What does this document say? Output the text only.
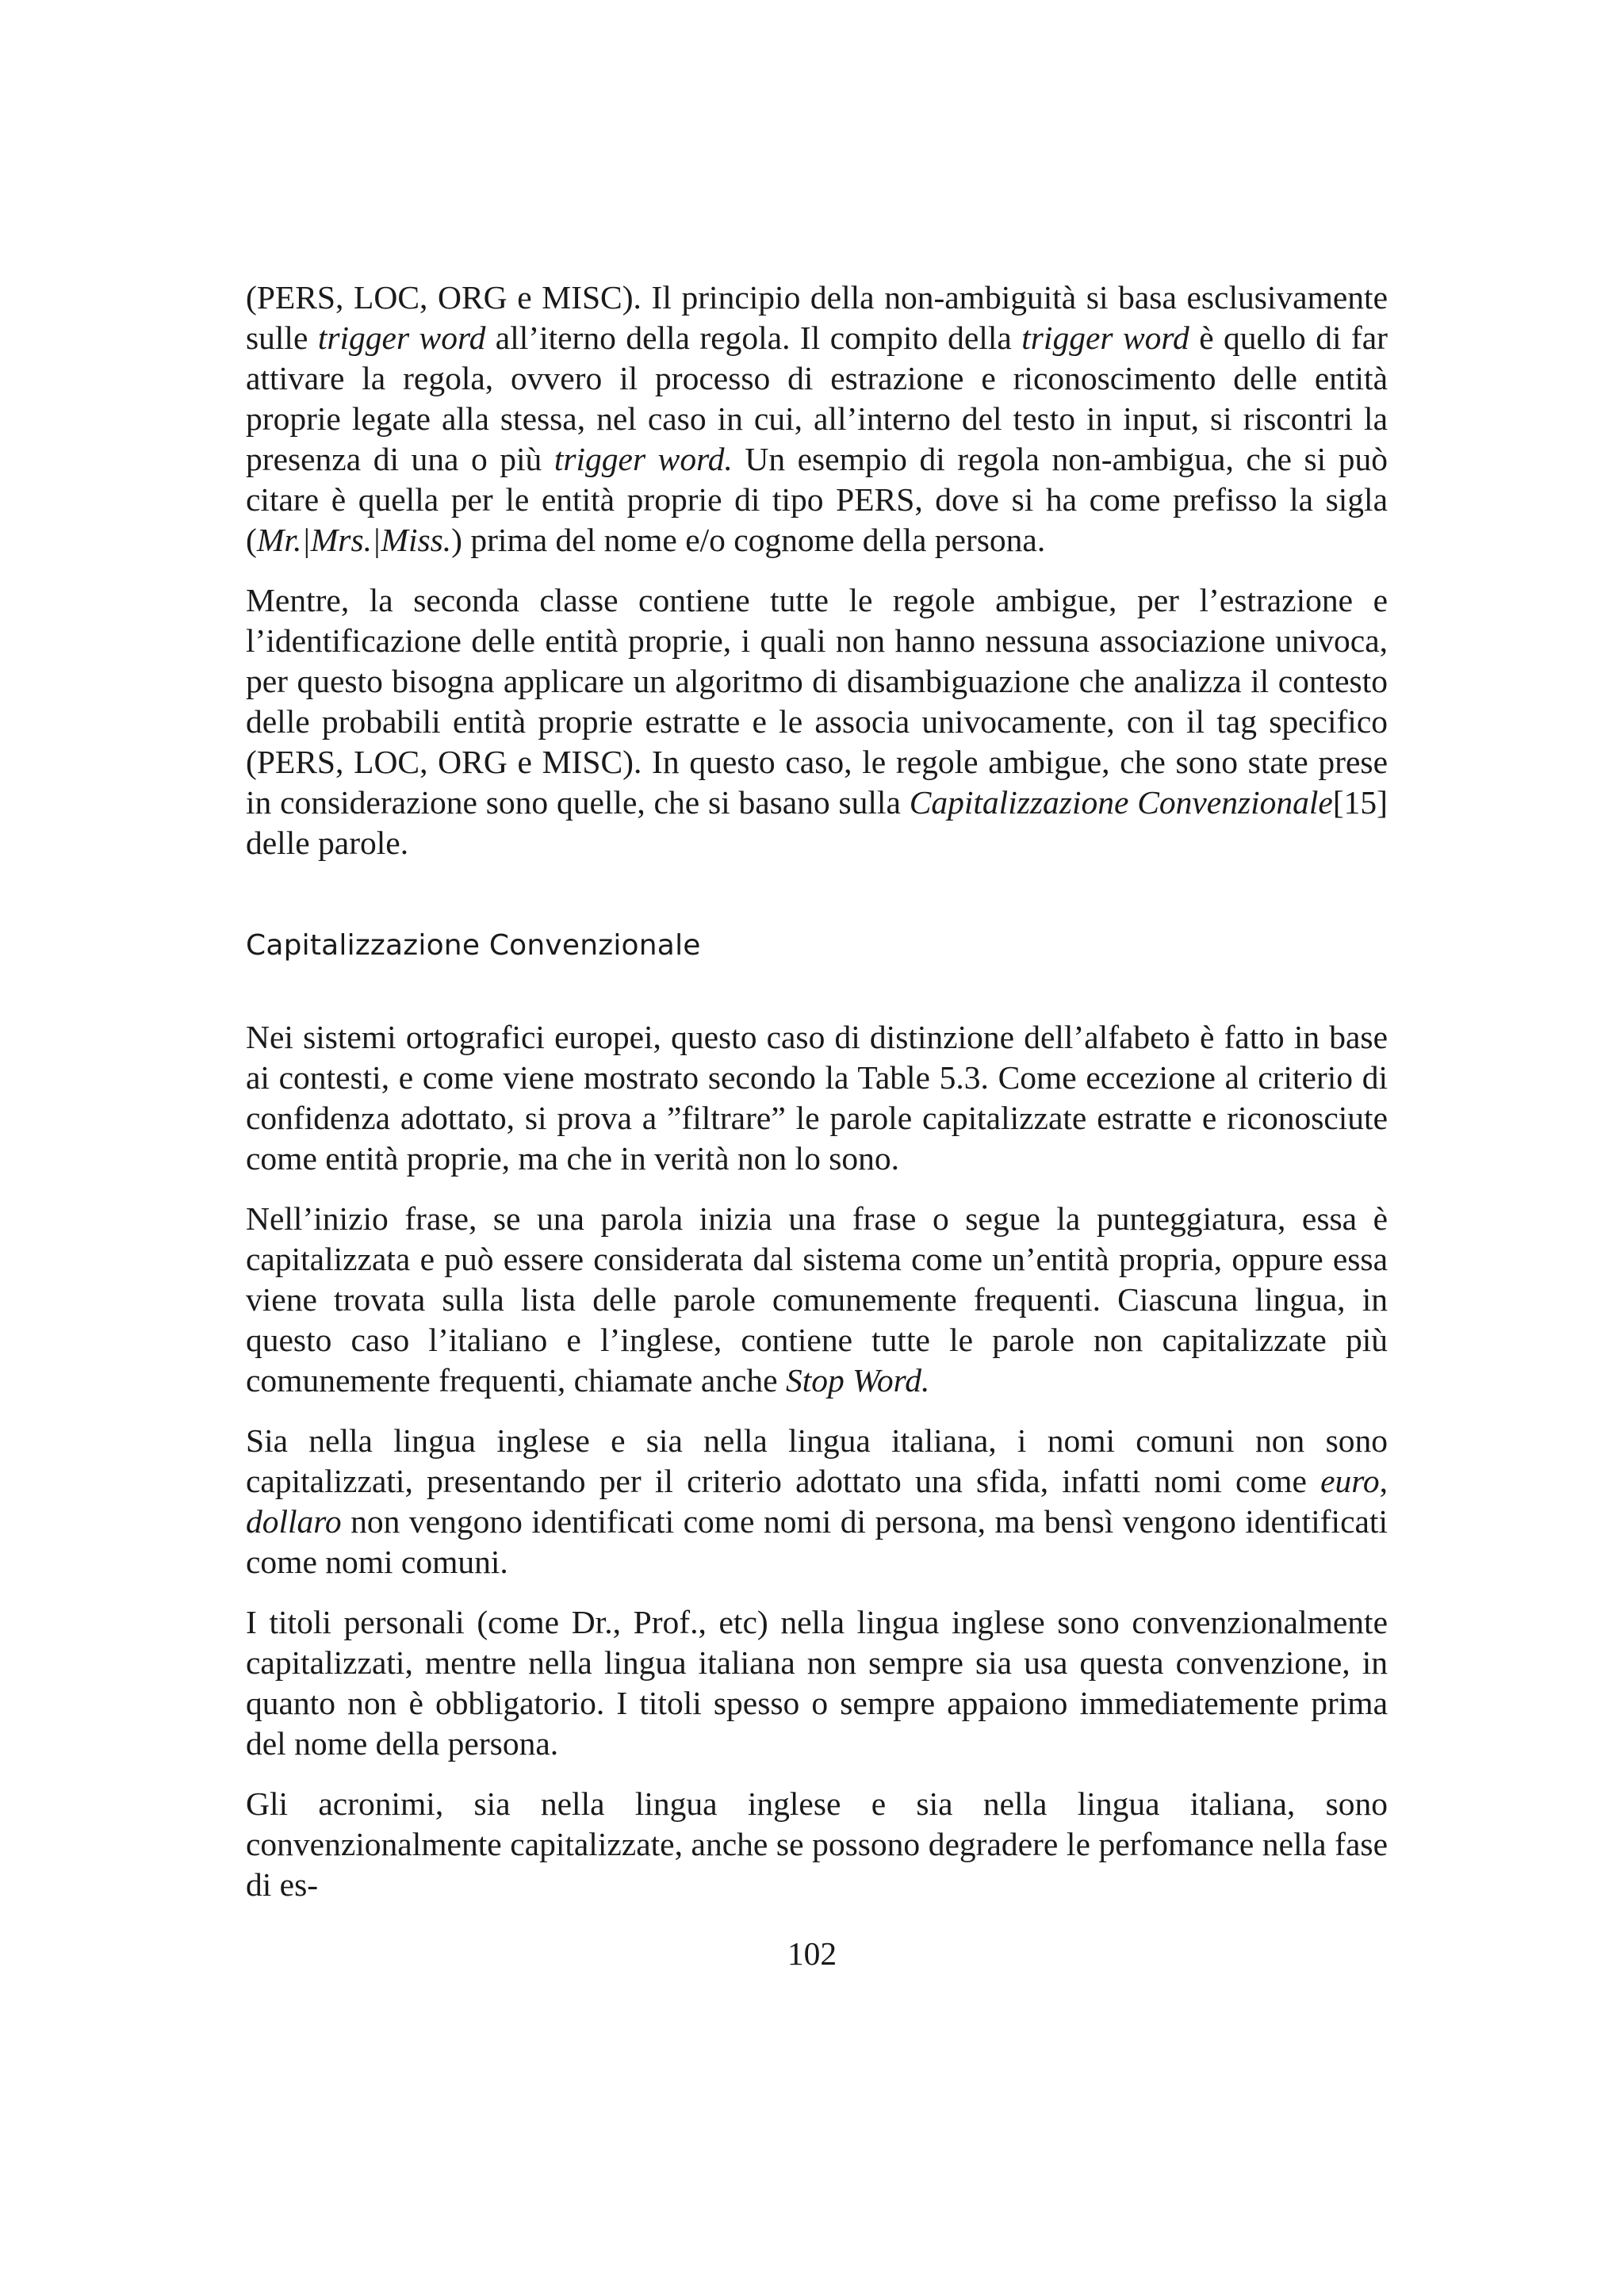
(PERS, LOC, ORG e MISC). Il principio della non-ambiguità si basa esclusivamente sulle trigger word all’iterno della regola. Il compito della trigger word è quello di far attivare la regola, ovvero il processo di estrazione e riconoscimento delle entità proprie legate alla stessa, nel caso in cui, all’interno del testo in input, si riscontri la presenza di una o più trigger word. Un esempio di regola non-ambigua, che si può citare è quella per le entità proprie di tipo PERS, dove si ha come prefisso la sigla (Mr.|Mrs.|Miss.) prima del nome e/o cognome della persona.

Mentre, la seconda classe contiene tutte le regole ambigue, per l’estrazione e l’identificazione delle entità proprie, i quali non hanno nessuna associazione univoca, per questo bisogna applicare un algoritmo di disambiguazione che analizza il contesto delle probabili entità proprie estratte e le associa univocamente, con il tag specifico (PERS, LOC, ORG e MISC). In questo caso, le regole ambigue, che sono state prese in considerazione sono quelle, che si basano sulla Capitalizzazione Convenzionale[15] delle parole.

Capitalizzazione Convenzionale

Nei sistemi ortografici europei, questo caso di distinzione dell’alfabeto è fatto in base ai contesti, e come viene mostrato secondo la Table 5.3. Come eccezione al criterio di confidenza adottato, si prova a ”filtrare” le parole capitalizzate estratte e riconosciute come entità proprie, ma che in verità non lo sono.

Nell’inizio frase, se una parola inizia una frase o segue la punteggiatura, essa è capitalizzata e può essere considerata dal sistema come un’entità propria, oppure essa viene trovata sulla lista delle parole comunemente frequenti. Ciascuna lingua, in questo caso l’italiano e l’inglese, contiene tutte le parole non capitalizzate più comunemente frequenti, chiamate anche Stop Word.

Sia nella lingua inglese e sia nella lingua italiana, i nomi comuni non sono capitalizzati, presentando per il criterio adottato una sfida, infatti nomi come euro, dollaro non vengono identificati come nomi di persona, ma bensì vengono identificati come nomi comuni.

I titoli personali (come Dr., Prof., etc) nella lingua inglese sono convenzionalmente capitalizzati, mentre nella lingua italiana non sempre sia usa questa convenzione, in quanto non è obbligatorio. I titoli spesso o sempre appaiono immediatemente prima del nome della persona.

Gli acronimi, sia nella lingua inglese e sia nella lingua italiana, sono convenzionalmente capitalizzate, anche se possono degradere le perfomance nella fase di es-

102
